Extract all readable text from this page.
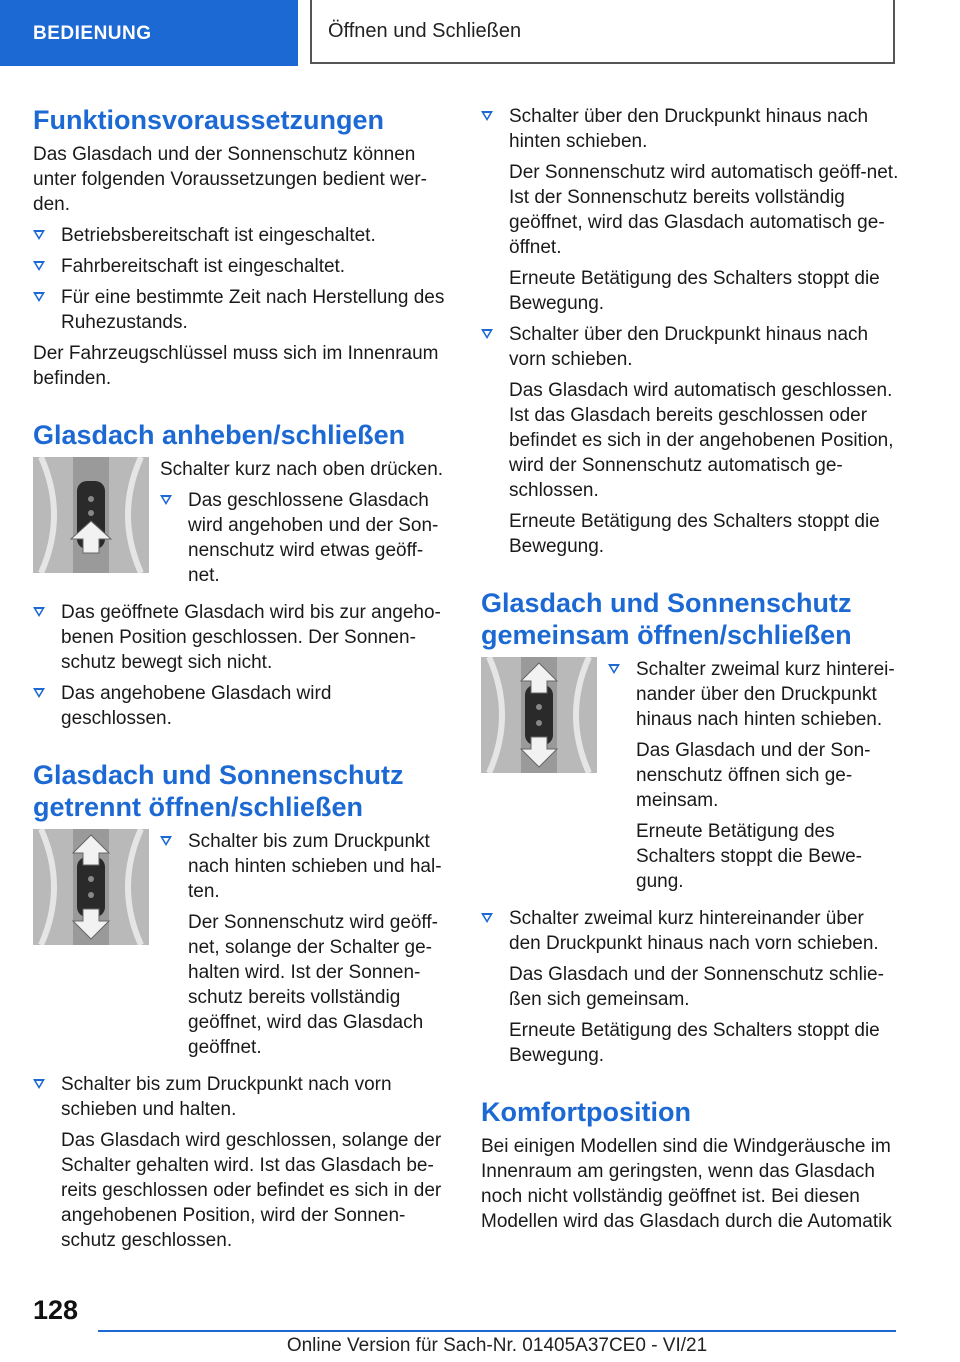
BEDIENUNG	Öffnen und Schließen
Funktionsvoraussetzungen

Das Glasdach und der Sonnenschutz können unter folgenden Voraussetzungen bedient wer-den.

Betriebsbereitschaft ist eingeschaltet.
Fahrbereitschaft ist eingeschaltet.
Für eine bestimmte Zeit nach Herstellung des Ruhezustands.

Der Fahrzeugschlüssel muss sich im Innenraum befinden.

Glasdach anheben/schließen

Schalter kurz nach oben drücken.

Das geschlossene Glasdach wird angehoben und der Son-nenschutz wird etwas geöff-net.
Das geöffnete Glasdach wird bis zur angeho-benen Position geschlossen. Der Sonnen-schutz bewegt sich nicht.
Das angehobene Glasdach wird geschlossen.
Glasdach und Sonnenschutz getrennt öffnen/schließen
Schalter bis zum Druckpunkt nach hinten schieben und hal-ten.
Der Sonnenschutz wird geöff-net, solange der Schalter ge-halten wird. Ist der Sonnen-schutz bereits vollständig geöffnet, wird das Glasdach geöffnet.
Schalter bis zum Druckpunkt nach vorn schieben und halten.
Das Glasdach wird geschlossen, solange der Schalter gehalten wird. Ist das Glasdach be-reits geschlossen oder befindet es sich in der angehobenen Position, wird der Sonnen-schutz geschlossen.
Schalter über den Druckpunkt hinaus nach hinten schieben.
Der Sonnenschutz wird automatisch geöff-net. Ist der Sonnenschutz bereits vollständig geöffnet, wird das Glasdach automatisch ge-öffnet.
Erneute Betätigung des Schalters stoppt die Bewegung.
Schalter über den Druckpunkt hinaus nach vorn schieben.
Das Glasdach wird automatisch geschlossen. Ist das Glasdach bereits geschlossen oder befindet es sich in der angehobenen Position, wird der Sonnenschutz automatisch ge-schlossen.
Erneute Betätigung des Schalters stoppt die Bewegung.
Glasdach und Sonnenschutz gemeinsam öffnen/schließen
Schalter zweimal kurz hinterei-nander über den Druckpunkt hinaus nach hinten schieben.
Das Glasdach und der Son-nenschutz öffnen sich ge-meinsam.
Erneute Betätigung des Schalters stoppt die Bewe-gung.
Schalter zweimal kurz hintereinander über den Druckpunkt hinaus nach vorn schieben.
Das Glasdach und der Sonnenschutz schlie-ßen sich gemeinsam.
Erneute Betätigung des Schalters stoppt die Bewegung.
Komfortposition

Bei einigen Modellen sind die Windgeräusche im Innenraum am geringsten, wenn das Glasdach noch nicht vollständig geöffnet ist. Bei diesen Modellen wird das Glasdach durch die Automatik

128
Online Version für Sach-Nr. 01405A37CE0 - VI/21
